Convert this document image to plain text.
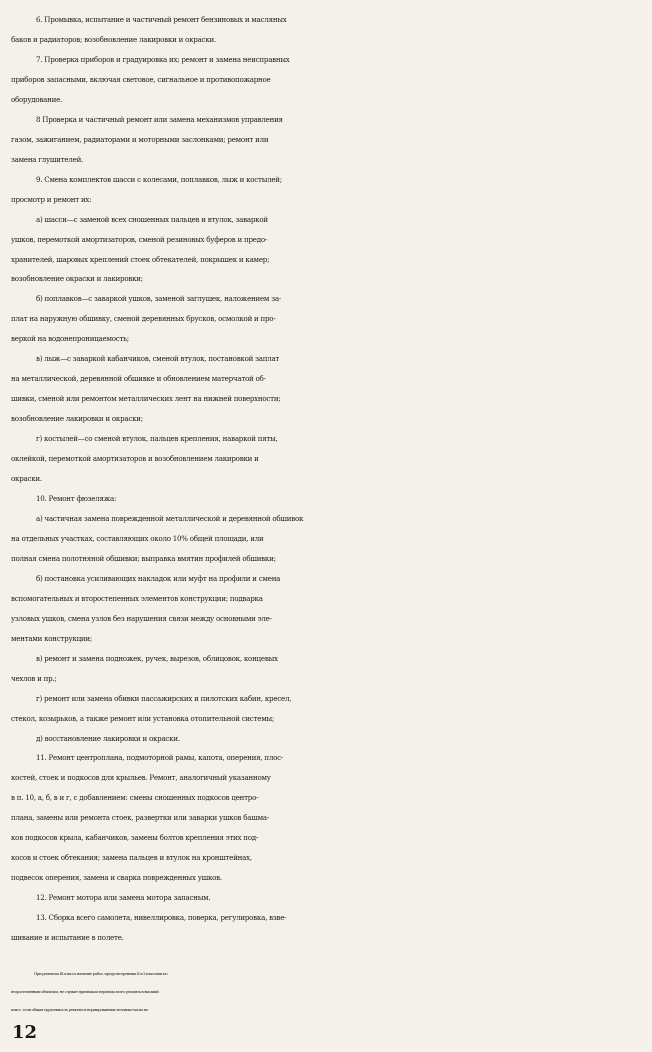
6. Промывка, испытание и частичный ремонт бензиновых и масляных
баков и радиаторов; возобновление лакировки и окраски.
7. Проверка приборов и градуировка их; ремонт и замена неисправных
приборов запасными, включая световое, сигнальное и противопожарное
оборудование.
8 Проверка и частичный ремонт или замена механизмов управления
газом, зажиганием, радиаторами и моторными заслонками; ремонт или
замена глушителей.
9. Смена комплектов шасси с колесами, поплавков, лыж и костылей;
просмотр и ремонт их:
а) шасси—с заменой всех сношенных пальцев и втулок, заваркой
ушков, перемоткой амортизаторов, сменой резиновых буферов и предо-
хранителей, шаровых креплений стоек обтекателей, покрышек и камер;
возобновление окраски и лакировки;
б) поплавков—с заваркой ушков, заменой заглушек, наложением за-
плат на наружную обшивку, сменой деревянных брусков, осмолкой и про-
веркой на водонепроницаемость;
в) лыж—с заваркой кабанчиков, сменой втулок, постановкой заплат
на металлической, деревянной обшивке и обновлением матерчатой об-
шивки, сменой или ремонтом металлических лент на нижней поверхности;
возобновление лакировки и окраски;
г) костылей—со сменой втулок, пальцев крепления, наваркой пяты,
оклейкой, перемоткой амортизаторов и возобновлением лакировки и
окраски.
10. Ремонт фюзеляжа:
а) частичная замена поврежденной металлической и деревянной обшивок
на отдельных участках, составляющих около 10% общей площади, или
полная смена полотняной обшивки; выправка вмятин профилей обшивки;
б) постановка усиливающих накладок или муфт на профили и смена
вспомогательных и второстепенных элементов конструкции; подварка
узловых ушков, смена узлов без нарушения связи между основными эле-
ментами конструкции;
в) ремонт и замена подножек, ручек, вырезов, облицовок, концевых
чехлов и пр.;
г) ремонт или замена обивки пассажирских и пилотских кабин, кресел,
стекол, козырьков, а также ремонт или установка отопительной системы;
д) восстановление лакировки и окраски.
11. Ремонт центроплана, подмоторной рамы, капота, оперения, плос-
костей, стоек и подкосов для крыльев. Ремонт, аналогичный указанному
в п. 10, а, б, в и г, с добавлением: смены сношенных подкосов центро-
плана, замены или ремонта стоек, развертки или заварки ушков башма-
ков подкосов крыла, кабанчиков, замены болтов крепления этих под-
косов и стоек обтекания; замена пальцев и втулок на кронштейнах,
подвесок оперения, замена и сварка поврежденных ушков.
12. Ремонт мотора или замена мотора запасным.
13. Сборка всего самолета, нивеллировка, поверка, регулировка, взве-
шивание и испытание в полете.
При ремонтах III класса наличие работ, предусмотренных II и I классами по
второстепенным объектам, не служит признаком перевода всего ремонта в высший
класс, если общая трудоемкость ремонта в нормированных человеко-часах не
12
